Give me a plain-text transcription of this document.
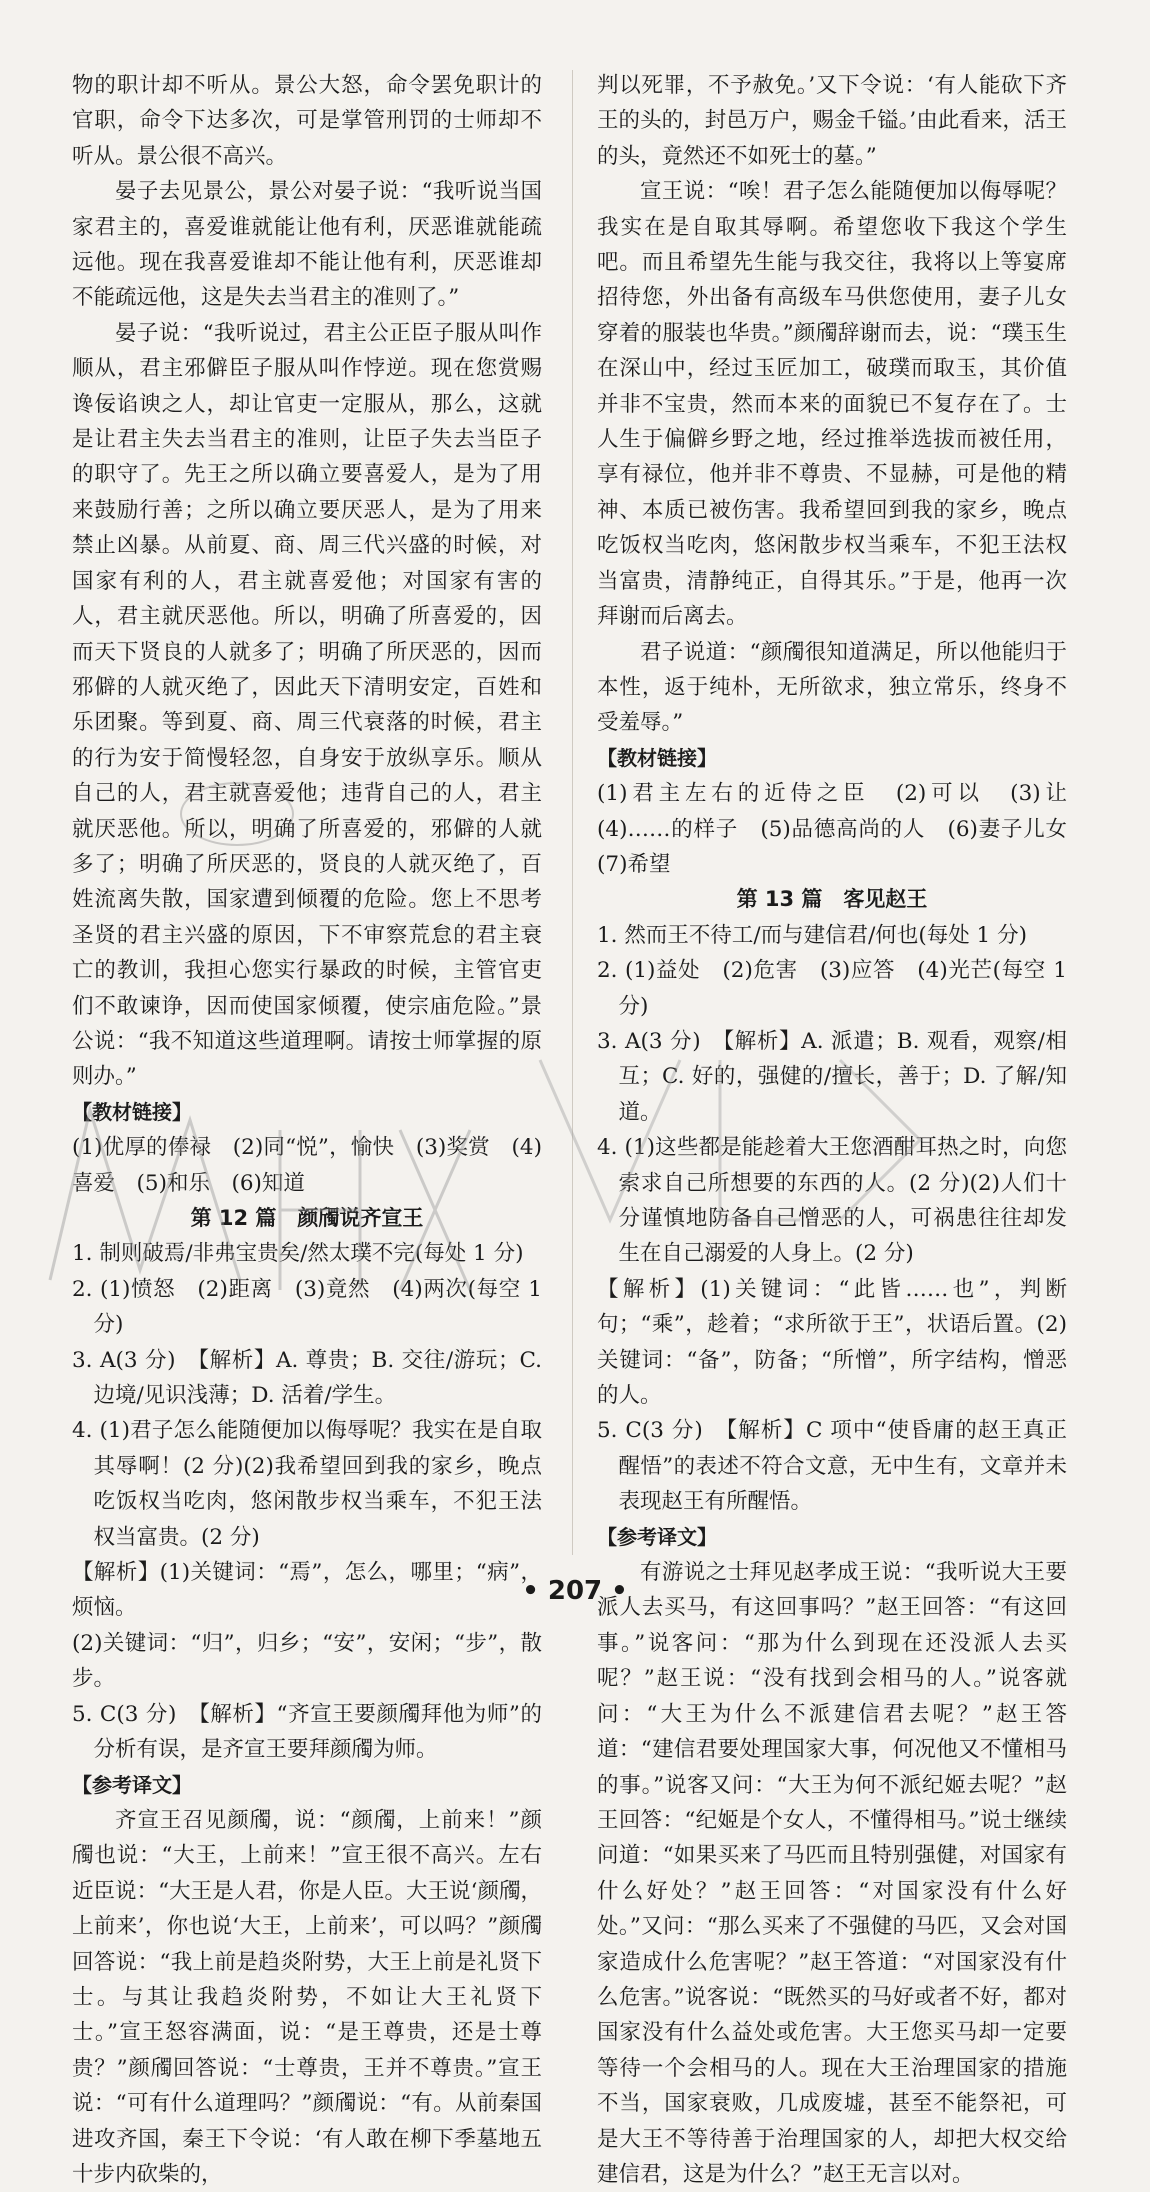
物的职计却不听从。景公大怒，命令罢免职计的官职，命令下达多次，可是掌管刑罚的士师却不听从。景公很不高兴。

晏子去见景公，景公对晏子说：“我听说当国家君主的，喜爱谁就能让他有利，厌恶谁就能疏远他。现在我喜爱谁却不能让他有利，厌恶谁却不能疏远他，这是失去当君主的准则了。”

晏子说：“我听说过，君主公正臣子服从叫作顺从，君主邪僻臣子服从叫作悖逆。现在您赏赐谗佞谄谀之人，却让官吏一定服从，那么，这就是让君主失去当君主的准则，让臣子失去当臣子的职守了。先王之所以确立要喜爱人，是为了用来鼓励行善；之所以确立要厌恶人，是为了用来禁止凶暴。从前夏、商、周三代兴盛的时候，对国家有利的人，君主就喜爱他；对国家有害的人，君主就厌恶他。所以，明确了所喜爱的，因而天下贤良的人就多了；明确了所厌恶的，因而邪僻的人就灭绝了，因此天下清明安定，百姓和乐团聚。等到夏、商、周三代衰落的时候，君主的行为安于简慢轻忽，自身安于放纵享乐。顺从自己的人，君主就喜爱他；违背自己的人，君主就厌恶他。所以，明确了所喜爱的，邪僻的人就多了；明确了所厌恶的，贤良的人就灭绝了，百姓流离失散，国家遭到倾覆的危险。您上不思考圣贤的君主兴盛的原因，下不审察荒怠的君主衰亡的教训，我担心您实行暴政的时候，主管官吏们不敢谏诤，因而使国家倾覆，使宗庙危险。”景公说：“我不知道这些道理啊。请按士师掌握的原则办。”

【教材链接】

(1)优厚的俸禄　(2)同“悦”，愉快　(3)奖赏　(4)喜爱　(5)和乐　(6)知道

第 12 篇　颜斶说齐宣王

1. 制则破焉/非弗宝贵矣/然太璞不完(每处 1 分)

2. (1)愤怒　(2)距离　(3)竟然　(4)两次(每空 1 分)

3. A(3 分)　【解析】A. 尊贵；B. 交往/游玩；C. 边境/见识浅薄；D. 活着/学生。

4. (1)君子怎么能随便加以侮辱呢？我实在是自取其辱啊！(2 分)(2)我希望回到我的家乡，晚点吃饭权当吃肉，悠闲散步权当乘车，不犯王法权当富贵。(2 分)

【解析】(1)关键词：“焉”，怎么，哪里；“病”，烦恼。

(2)关键词：“归”，归乡；“安”，安闲；“步”，散步。

5. C(3 分)　【解析】“齐宣王要颜斶拜他为师”的分析有误，是齐宣王要拜颜斶为师。

【参考译文】

齐宣王召见颜斶，说：“颜斶，上前来！”颜斶也说：“大王，上前来！”宣王很不高兴。左右近臣说：“大王是人君，你是人臣。大王说‘颜斶，上前来’，你也说‘大王，上前来’，可以吗？”颜斶回答说：“我上前是趋炎附势，大王上前是礼贤下士。与其让我趋炎附势，不如让大王礼贤下士。”宣王怒容满面，说：“是王尊贵，还是士尊贵？”颜斶回答说：“士尊贵，王并不尊贵。”宣王说：“可有什么道理吗？”颜斶说：“有。从前秦国进攻齐国，秦王下令说：‘有人敢在柳下季墓地五十步内砍柴的，

判以死罪，不予赦免。’又下令说：‘有人能砍下齐王的头的，封邑万户，赐金千镒。’由此看来，活王的头，竟然还不如死士的墓。”

宣王说：“唉！君子怎么能随便加以侮辱呢？我实在是自取其辱啊。希望您收下我这个学生吧。而且希望先生能与我交往，我将以上等宴席招待您，外出备有高级车马供您使用，妻子儿女穿着的服装也华贵。”颜斶辞谢而去，说：“璞玉生在深山中，经过玉匠加工，破璞而取玉，其价值并非不宝贵，然而本来的面貌已不复存在了。士人生于偏僻乡野之地，经过推举选拔而被任用，享有禄位，他并非不尊贵、不显赫，可是他的精神、本质已被伤害。我希望回到我的家乡，晚点吃饭权当吃肉，悠闲散步权当乘车，不犯王法权当富贵，清静纯正，自得其乐。”于是，他再一次拜谢而后离去。

君子说道：“颜斶很知道满足，所以他能归于本性，返于纯朴，无所欲求，独立常乐，终身不受羞辱。”

【教材链接】

(1)君主左右的近侍之臣　(2)可以　(3)让　(4)……的样子　(5)品德高尚的人　(6)妻子儿女　(7)希望

第 13 篇　客见赵王

1. 然而王不待工/而与建信君/何也(每处 1 分)

2. (1)益处　(2)危害　(3)应答　(4)光芒(每空 1 分)

3. A(3 分)　【解析】A. 派遣；B. 观看，观察/相互；C. 好的，强健的/擅长，善于；D. 了解/知道。

4. (1)这些都是能趁着大王您酒酣耳热之时，向您索求自己所想要的东西的人。(2 分)(2)人们十分谨慎地防备自己憎恶的人，可祸患往往却发生在自己溺爱的人身上。(2 分)

【解析】(1)关键词：“此皆……也”，判断句；“乘”，趁着；“求所欲于王”，状语后置。(2)关键词：“备”，防备；“所憎”，所字结构，憎恶的人。

5. C(3 分)　【解析】C 项中“使昏庸的赵王真正醒悟”的表述不符合文意，无中生有，文章并未表现赵王有所醒悟。

【参考译文】

有游说之士拜见赵孝成王说：“我听说大王要派人去买马，有这回事吗？”赵王回答：“有这回事。”说客问：“那为什么到现在还没派人去买呢？”赵王说：“没有找到会相马的人。”说客就问：“大王为什么不派建信君去呢？”赵王答道：“建信君要处理国家大事，何况他又不懂相马的事。”说客又问：“大王为何不派纪姬去呢？”赵王回答：“纪姬是个女人，不懂得相马。”说士继续问道：“如果买来了马匹而且特别强健，对国家有什么好处？”赵王回答：“对国家没有什么好处。”又问：“那么买来了不强健的马匹，又会对国家造成什么危害呢？”赵王答道：“对国家没有什么危害。”说客说：“既然买的马好或者不好，都对国家没有什么益处或危害。大王您买马却一定要等待一个会相马的人。现在大王治理国家的措施不当，国家衰败，几成废墟，甚至不能祭祀，可是大王不等待善于治理国家的人，却把大权交给建信君，这是为什么？”赵王无言以对。

• 207 •
